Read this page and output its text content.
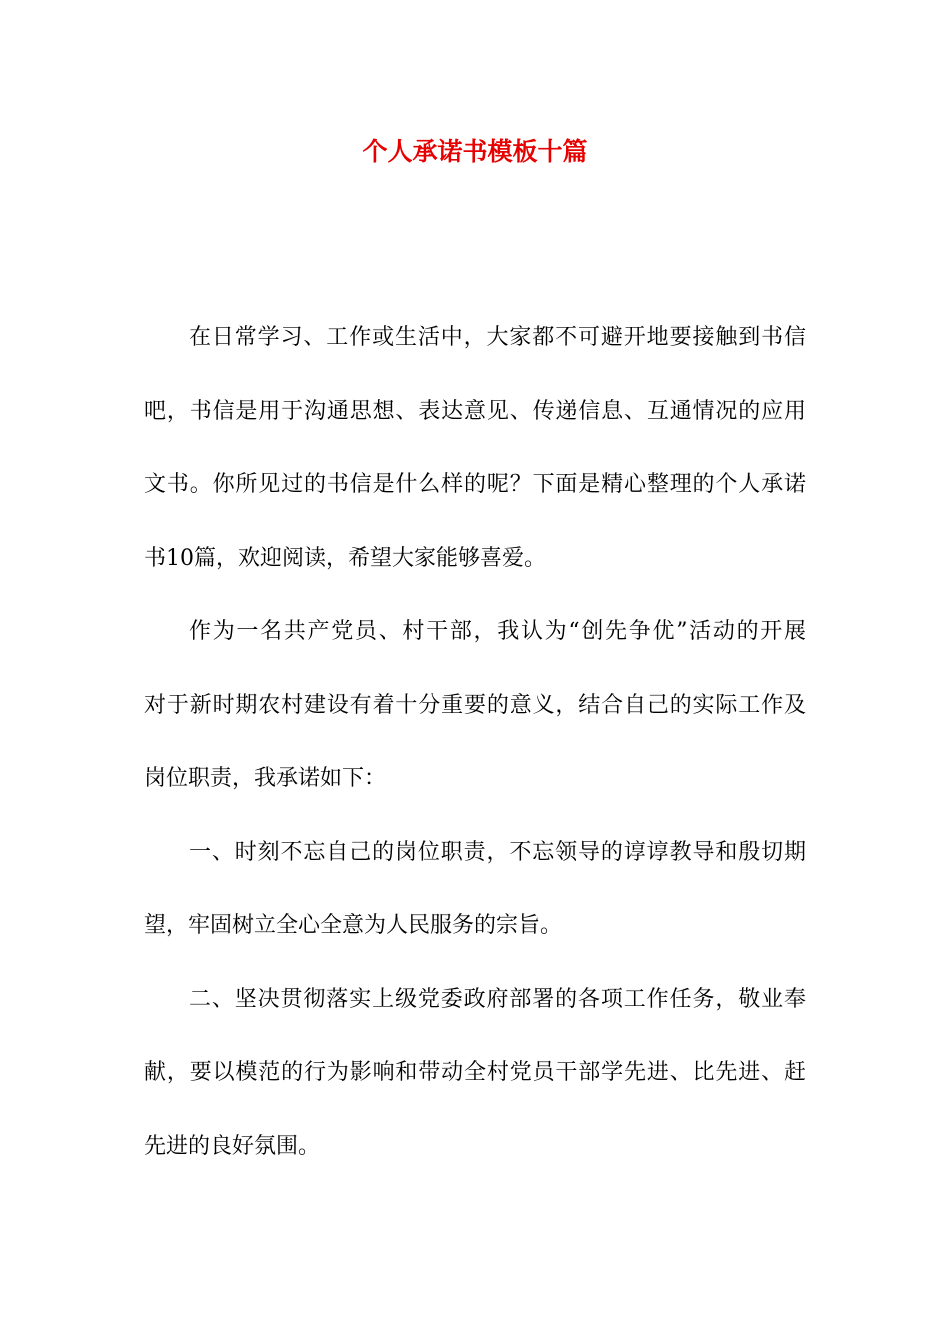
个人承诺书模板十篇
在日常学习、工作或生活中，大家都不可避开地要接触到书信
吧，书信是用于沟通思想、表达意见、传递信息、互通情况的应用
文书。你所见过的书信是什么样的呢？下面是精心整理的个人承诺
书10篇，欢迎阅读，希望大家能够喜爱。
作为一名共产党员、村干部，我认为“创先争优”活动的开展
对于新时期农村建设有着十分重要的意义，结合自己的实际工作及
岗位职责，我承诺如下：
一、时刻不忘自己的岗位职责，不忘领导的谆谆教导和殷切期
望，牢固树立全心全意为人民服务的宗旨。
二、坚决贯彻落实上级党委政府部署的各项工作任务，敬业奉
献，要以模范的行为影响和带动全村党员干部学先进、比先进、赶
先进的良好氛围。
